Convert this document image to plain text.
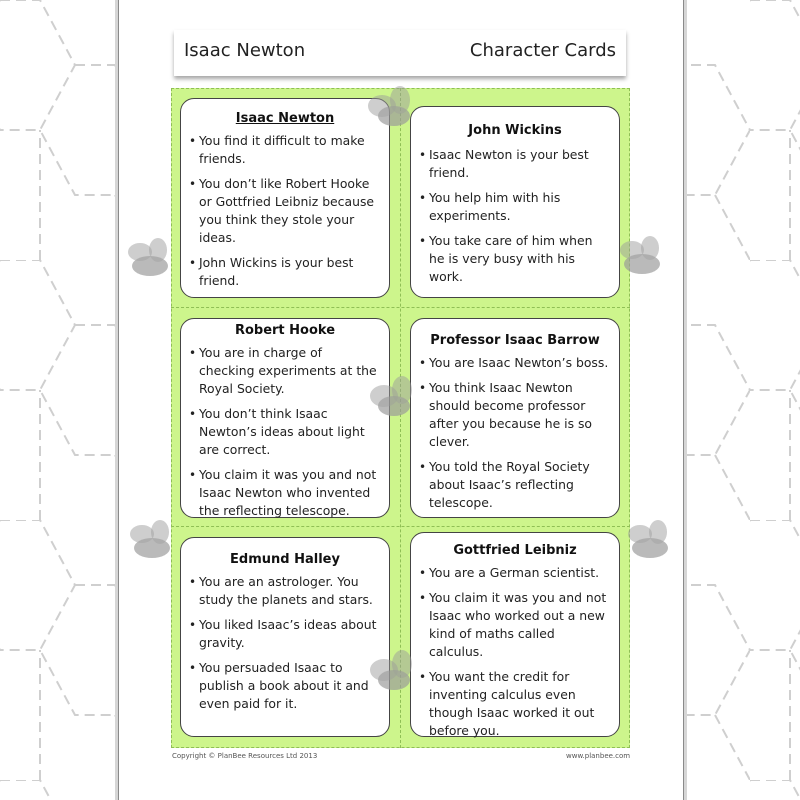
Isaac Newton	Character Cards
Isaac Newton
• You find it difficult to make friends.
• You don’t like Robert Hooke or Gottfried Leibniz because you think they stole your ideas.
• John Wickins is your best friend.
John Wickins
• Isaac Newton is your best friend.
• You help him with his experiments.
• You take care of him when he is very busy with his work.
Robert Hooke
• You are in charge of checking experiments at the Royal Society.
• You don’t think Isaac Newton’s ideas about light are correct.
• You claim it was you and not Isaac Newton who invented the reflecting telescope.
Professor Isaac Barrow
• You are Isaac Newton’s boss.
• You think Isaac Newton should become professor after you because he is so clever.
• You told the Royal Society about Isaac’s reflecting telescope.
Edmund Halley
• You are an astrologer. You study the planets and stars.
• You liked Isaac’s ideas about gravity.
• You persuaded Isaac to publish a book about it and even paid for it.
Gottfried Leibniz
• You are a German scientist.
• You claim it was you and not Isaac who worked out a new kind of maths called calculus.
• You want the credit for inventing calculus even though Isaac worked it out before you.
Copyright © PlanBee Resources Ltd 2013	www.planbee.com
